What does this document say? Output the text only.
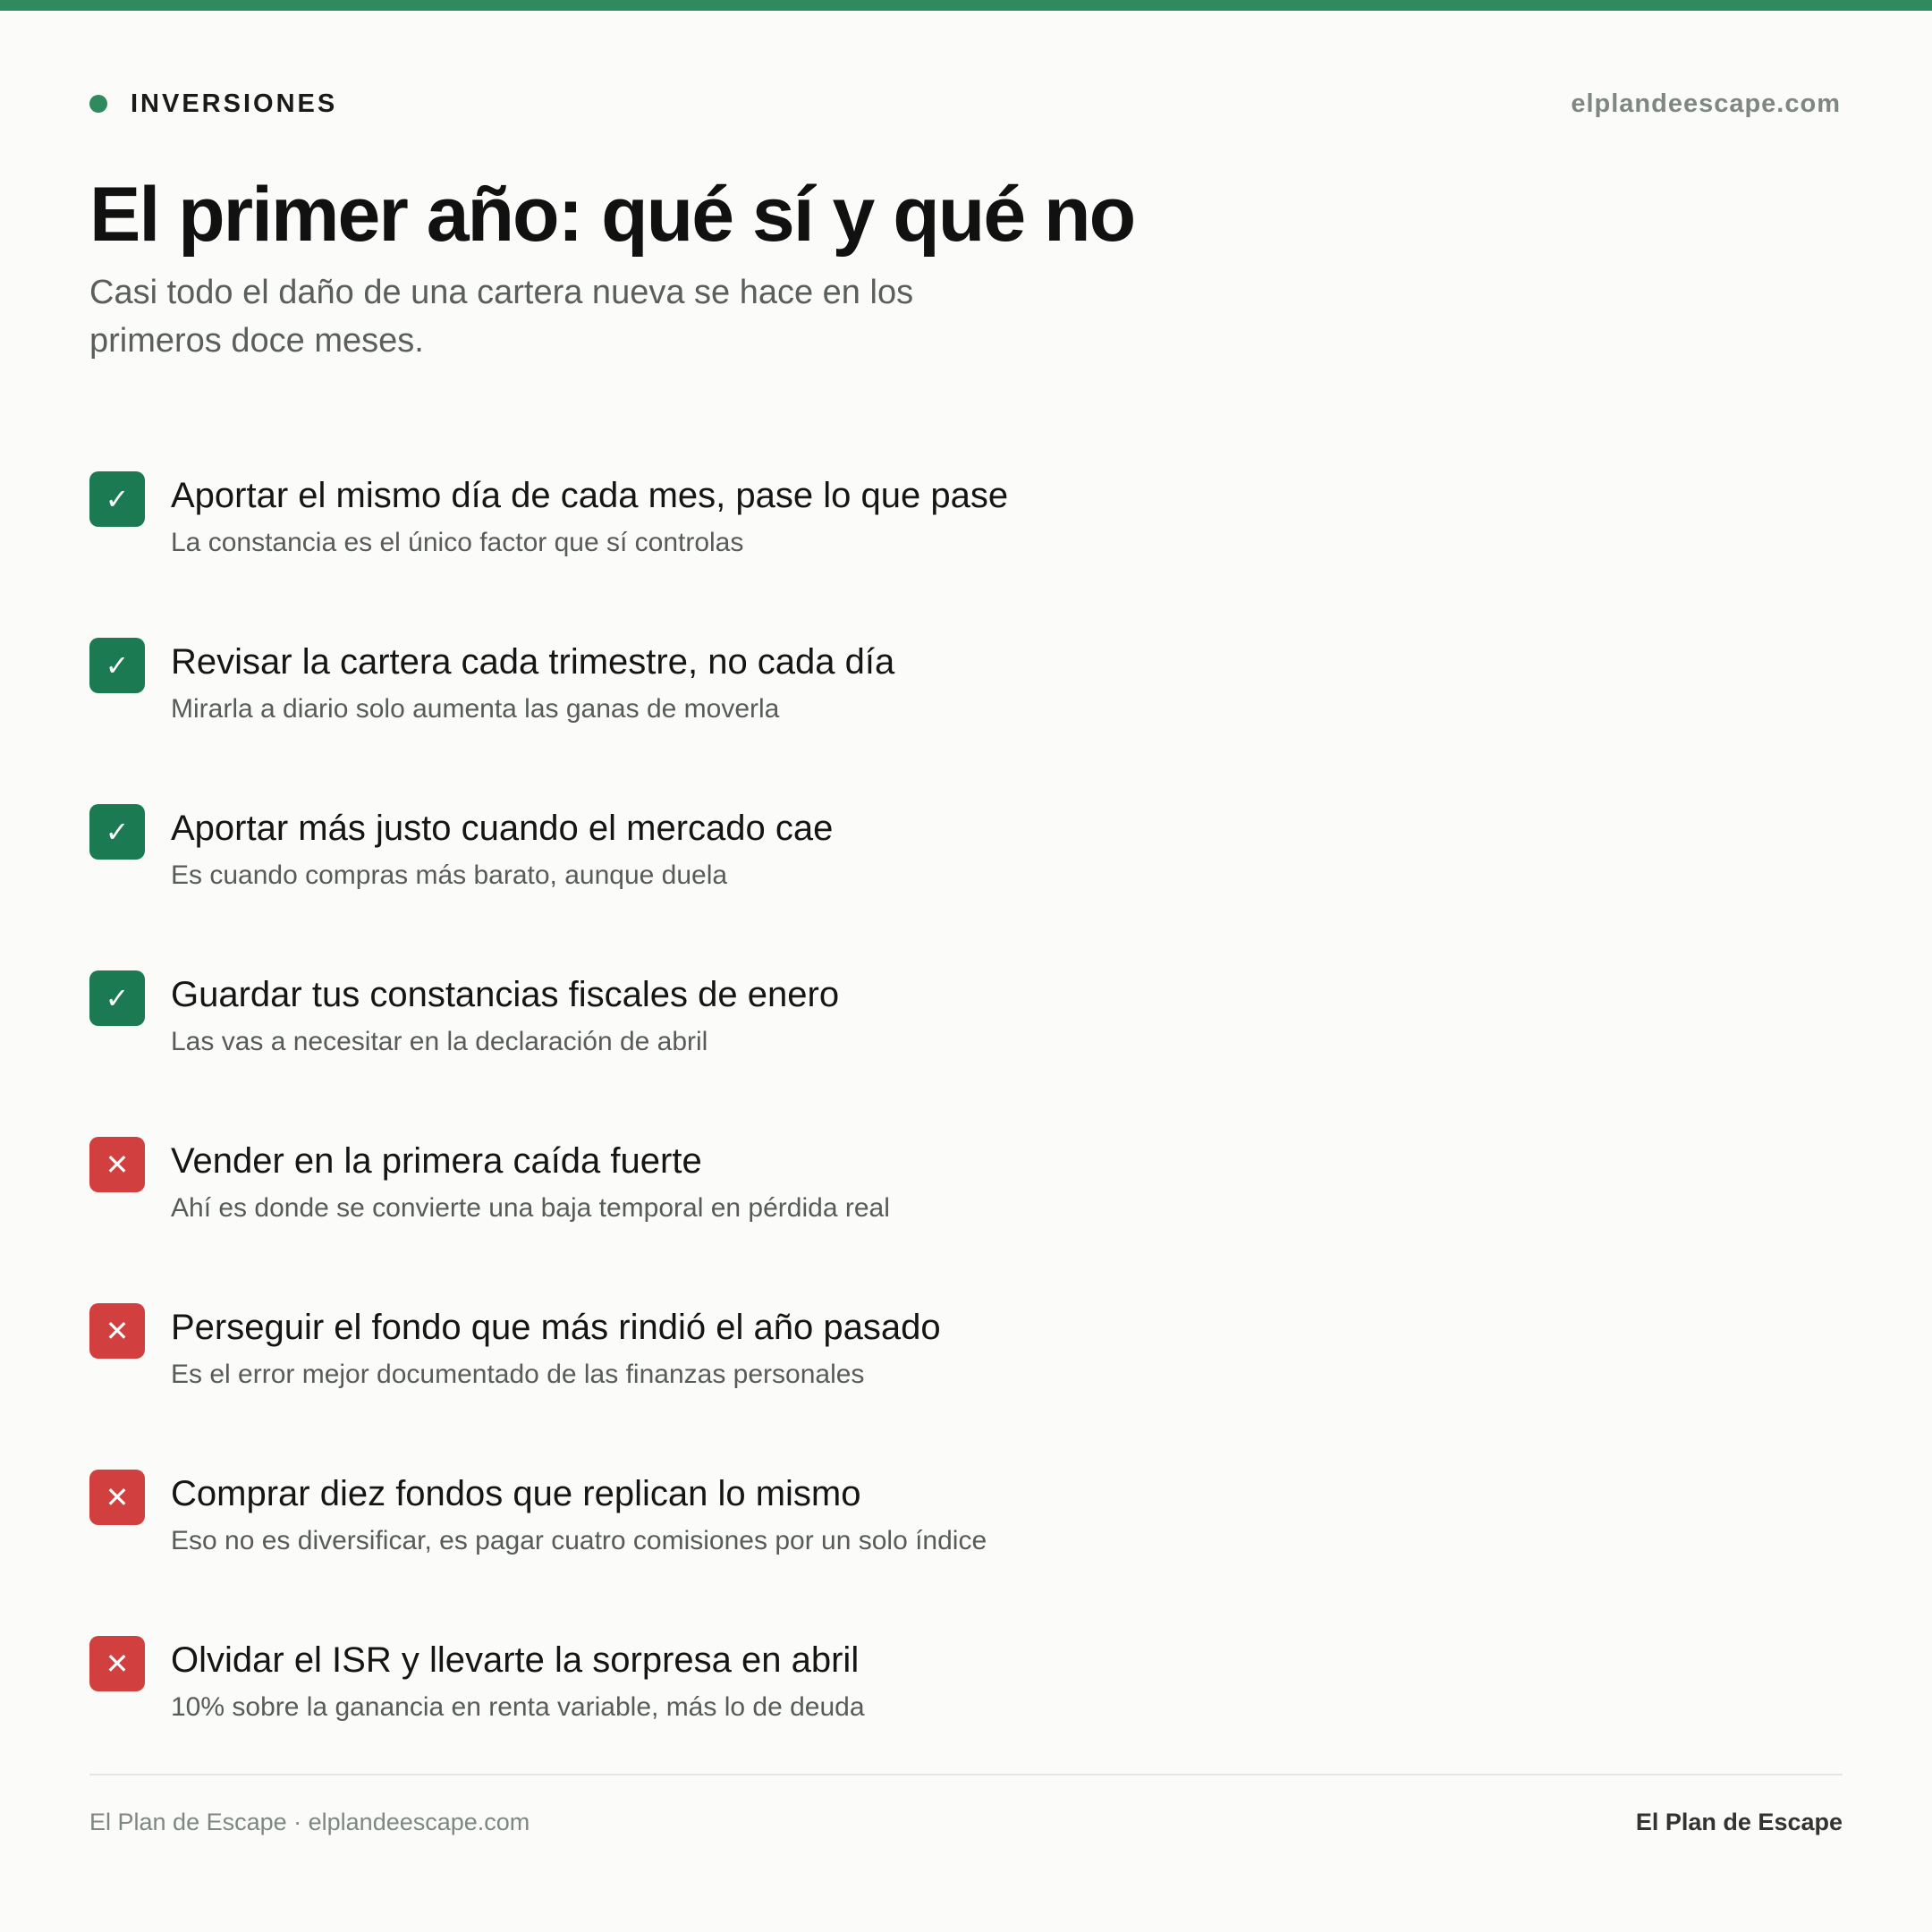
INVERSIONES	elplandeescape.com
El primer año: qué sí y qué no

Casi todo el daño de una cartera nueva se hace en los primeros doce meses.

✓	Aportar el mismo día de cada mes, pase lo que pase
La constancia es el único factor que sí controlas
✓	Revisar la cartera cada trimestre, no cada día
Mirarla a diario solo aumenta las ganas de moverla
✓	Aportar más justo cuando el mercado cae
Es cuando compras más barato, aunque duela
✓	Guardar tus constancias fiscales de enero
Las vas a necesitar en la declaración de abril
✕	Vender en la primera caída fuerte
Ahí es donde se convierte una baja temporal en pérdida real
✕	Perseguir el fondo que más rindió el año pasado
Es el error mejor documentado de las finanzas personales
✕	Comprar diez fondos que replican lo mismo
Eso no es diversificar, es pagar cuatro comisiones por un solo índice
✕	Olvidar el ISR y llevarte la sorpresa en abril
10% sobre la ganancia en renta variable, más lo de deuda
El Plan de Escape · elplandeescape.com	El Plan de Escape
